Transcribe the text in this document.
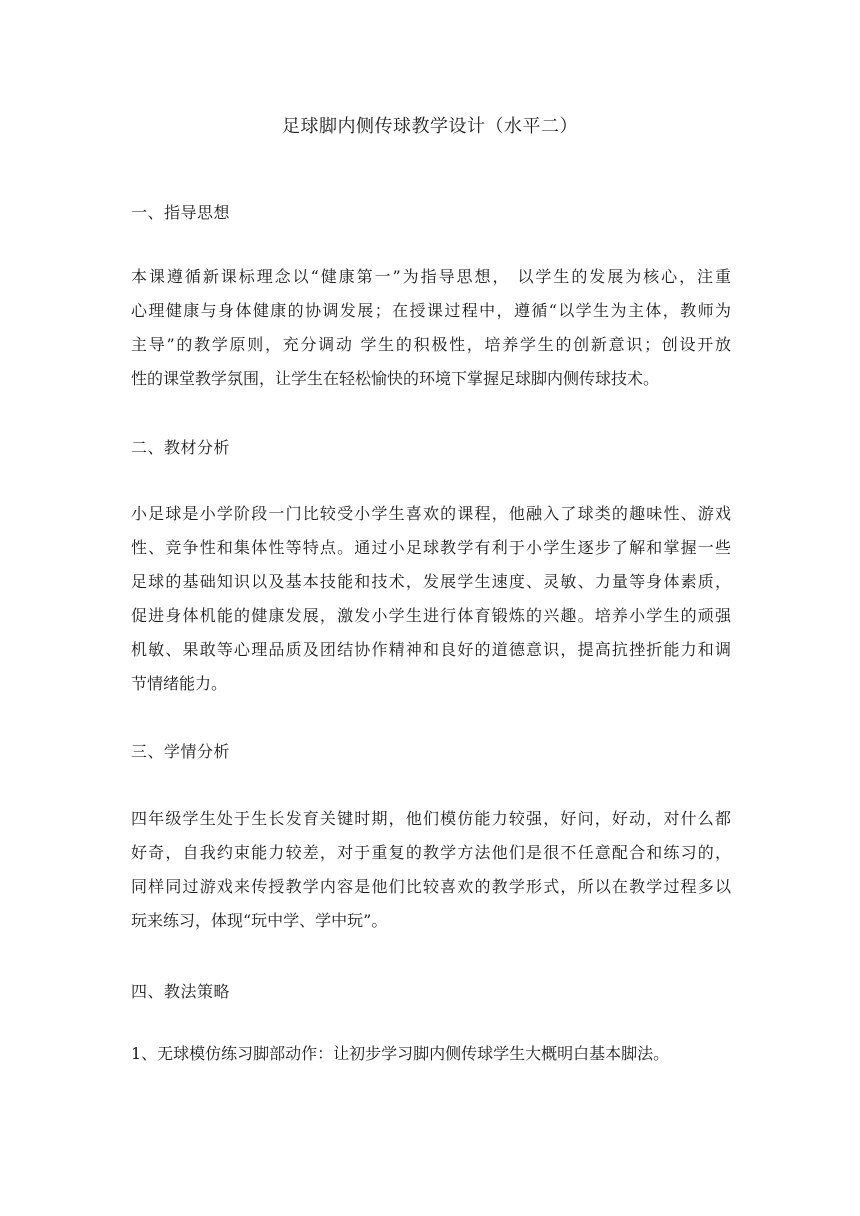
足球脚内侧传球教学设计（水平二）
一、指导思想
本课遵循新课标理念以“健康第一”为指导思想， 以学生的发展为核心，注重
心理健康与身体健康的协调发展；在授课过程中，遵循“以学生为主体，教师为
主导”的教学原则，充分调动 学生的积极性，培养学生的创新意识；创设开放
性的课堂教学氛围，让学生在轻松愉快的环境下掌握足球脚内侧传球技术。
二、教材分析
小足球是小学阶段一门比较受小学生喜欢的课程，他融入了球类的趣味性、游戏
性、竞争性和集体性等特点。通过小足球教学有利于小学生逐步了解和掌握一些
足球的基础知识以及基本技能和技术，发展学生速度、灵敏、力量等身体素质，
促进身体机能的健康发展，激发小学生进行体育锻炼的兴趣。培养小学生的顽强
机敏、果敢等心理品质及团结协作精神和良好的道德意识，提高抗挫折能力和调
节情绪能力。
三、学情分析
四年级学生处于生长发育关键时期，他们模仿能力较强，好问，好动，对什么都
好奇，自我约束能力较差，对于重复的教学方法他们是很不任意配合和练习的，
同样同过游戏来传授教学内容是他们比较喜欢的教学形式，所以在教学过程多以
玩来练习，体现“玩中学、学中玩”。
四、教法策略
1、无球模仿练习脚部动作：让初步学习脚内侧传球学生大概明白基本脚法。
